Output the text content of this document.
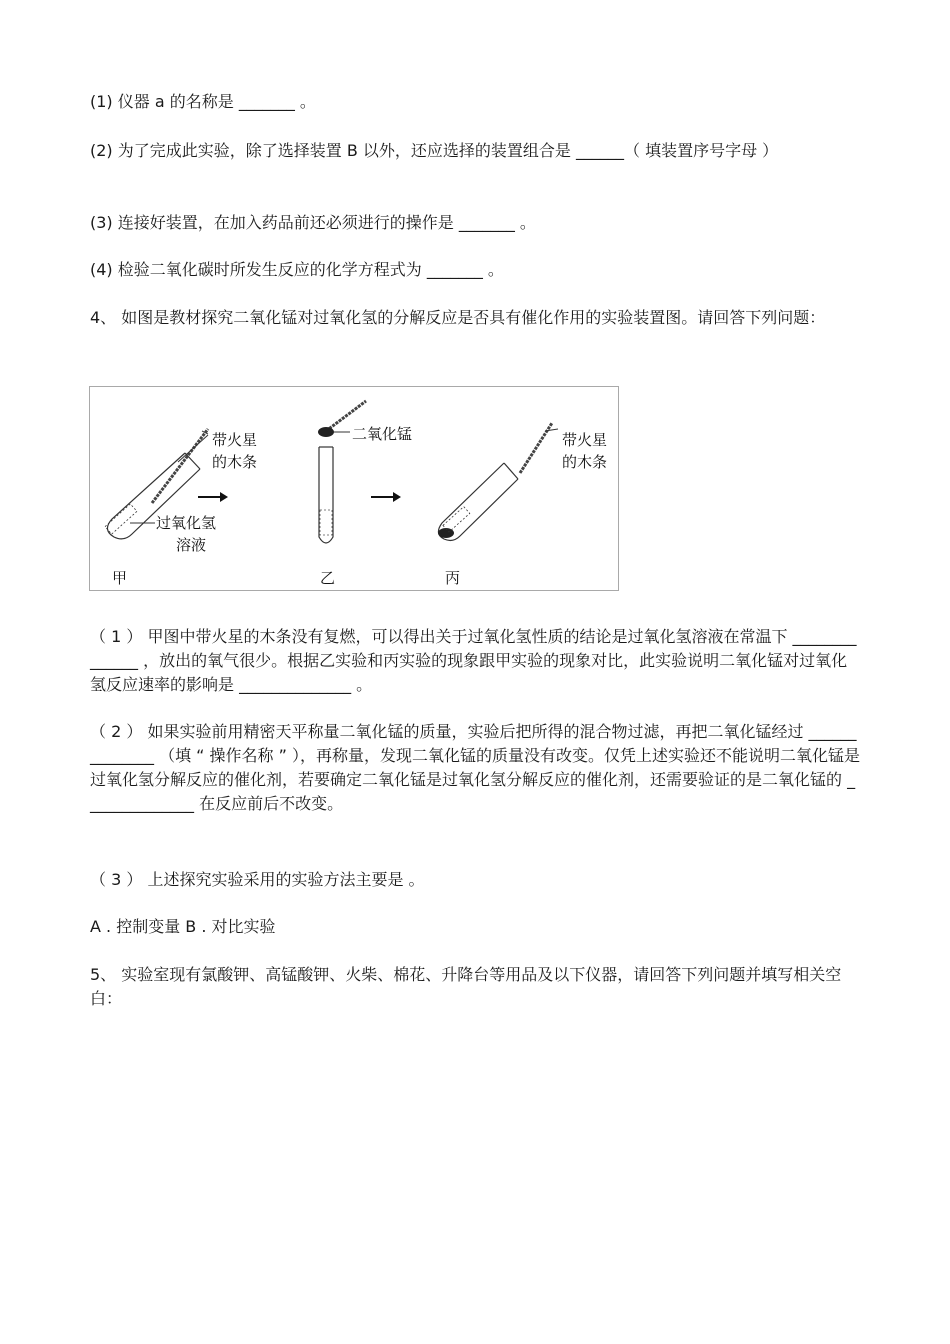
(1) 仪器 a 的名称是 _______ 。

(2) 为了完成此实验，除了选择装置 B 以外，还应选择的装置组合是 ______（ 填装置序号字母 ）

(3) 连接好装置，在加入药品前还必须进行的操作是 _______ 。

(4) 检验二氧化碳时所发生反应的化学方程式为 _______ 。

4、 如图是教材探究二氧化锰对过氧化氢的分解反应是否具有催化作用的实验装置图。请回答下列问题：

带火星
的木条
过氧化氢
溶液
二氧化锰	带火星
的木条
甲	乙	丙

（ 1 ） 甲图中带火星的木条没有复燃，可以得出关于过氧化氢性质的结论是过氧化氢溶液在常温下 ______________ ，放出的氧气很少。根据乙实验和丙实验的现象跟甲实验的现象对比，此实验说明二氧化锰对过氧化氢反应速率的影响是 ______________ 。

（ 2 ） 如果实验前用精密天平称量二氧化锰的质量，实验后把所得的混合物过滤，再把二氧化锰经过 ______________ （填 “ 操作名称 ” ），再称量，发现二氧化锰的质量没有改变。仅凭上述实验还不能说明二氧化锰是过氧化氢分解反应的催化剂，若要确定二氧化锰是过氧化氢分解反应的催化剂，还需要验证的是二氧化锰的 ______________ 在反应前后不改变。

（ 3 ） 上述探究实验采用的实验方法主要是 。

A . 控制变量 B . 对比实验

5、 实验室现有氯酸钾、高锰酸钾、火柴、棉花、升降台等用品及以下仪器，请回答下列问题并填写相关空白：
